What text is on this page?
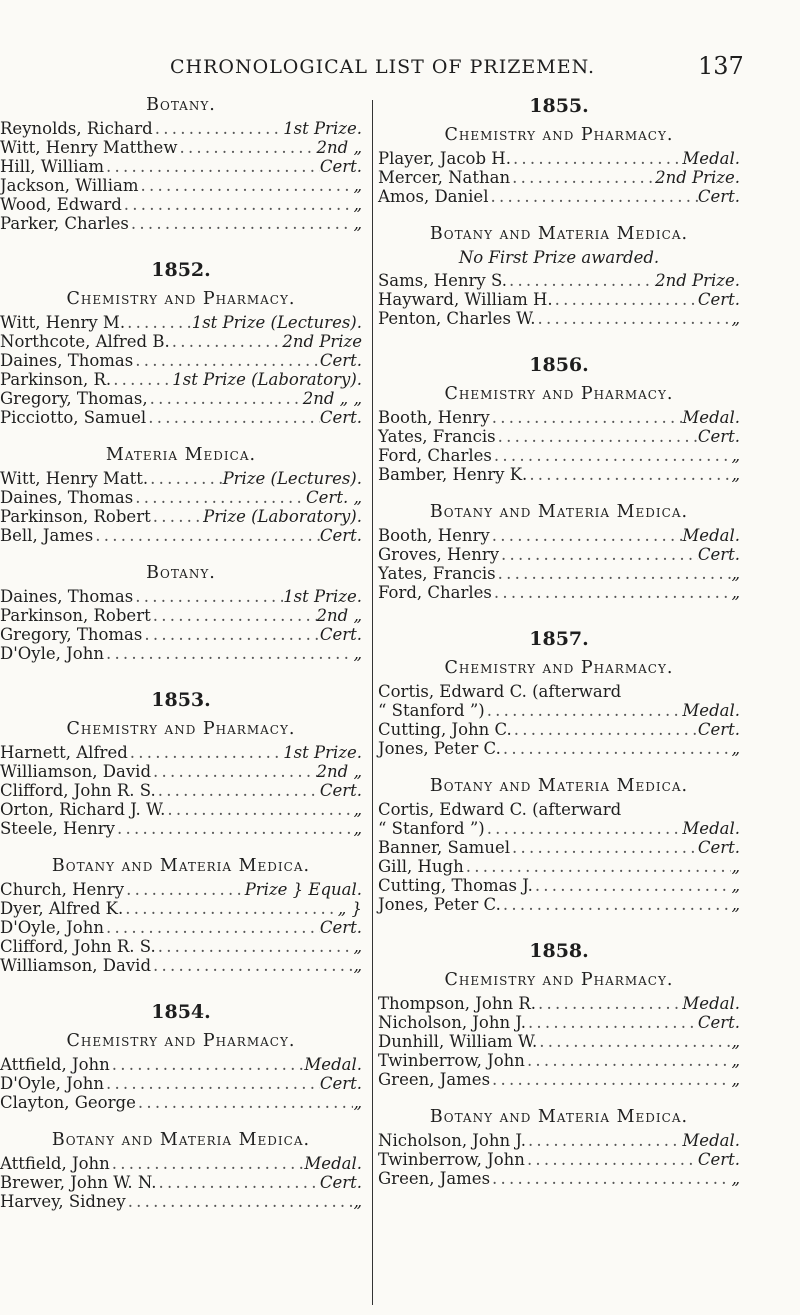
CHRONOLOGICAL LIST OF PRIZEMEN.	137
Botany.
Reynolds, Richard . . .	1st Prize.
Witt, Henry Matthew . . .	2nd „
Hill, William . . .	Cert.
Jackson, William . . .	„
Wood, Edward . . .	„
Parker, Charles . . .	„
1852.
Chemistry and Pharmacy.
Witt, Henry M. . . .	1st Prize (Lectures).
Northcote, Alfred B. . . .	2nd Prize
Daines, Thomas . . .	Cert.
Parkinson, R. . . .	1st Prize (Laboratory).
Gregory, Thomas, . . .	2nd „ „
Picciotto, Samuel . . .	Cert.
Materia Medica.
Witt, Henry Matt. . . .	Prize (Lectures).
Daines, Thomas . . .	Cert. „
Parkinson, Robert . . .	Prize (Laboratory).
Bell, James . . .	Cert.
Botany.
Daines, Thomas . . .	1st Prize.
Parkinson, Robert . . .	2nd „
Gregory, Thomas . . .	Cert.
D'Oyle, John . . .	„
1853.
Chemistry and Pharmacy.
Harnett, Alfred . . .	1st Prize.
Williamson, David . . .	2nd „
Clifford, John R. S. . . .	Cert.
Orton, Richard J. W. . . .	„
Steele, Henry . . .	„
Botany and Materia Medica.
Church, Henry . . .	Prize } Equal.
Dyer, Alfred K. . . .	„ }
D'Oyle, John . . .	Cert.
Clifford, John R. S. . . .	„
Williamson, David . . .	„
1854.
Chemistry and Pharmacy.
Attfield, John . . .	Medal.
D'Oyle, John . . .	Cert.
Clayton, George . . .	„
Botany and Materia Medica.
Attfield, John . . .	Medal.
Brewer, John W. N. . . .	Cert.
Harvey, Sidney . . .	„
1855.
Chemistry and Pharmacy.
Player, Jacob H. . . .	Medal.
Mercer, Nathan . . .	2nd Prize.
Amos, Daniel . . .	Cert.
Botany and Materia Medica.
No First Prize awarded.
Sams, Henry S. . . .	2nd Prize.
Hayward, William H. . . .	Cert.
Penton, Charles W. . . .	„
1856.
Chemistry and Pharmacy.
Booth, Henry . . .	Medal.
Yates, Francis . . .	Cert.
Ford, Charles . . .	„
Bamber, Henry K. . . .	„
Botany and Materia Medica.
Booth, Henry . . .	Medal.
Groves, Henry . . .	Cert.
Yates, Francis . . .	„
Ford, Charles . . .	„
1857.
Chemistry and Pharmacy.
Cortis, Edward C. (afterward
“ Stanford ”) . . .	Medal.
Cutting, John C. . . .	Cert.
Jones, Peter C. . . .	„
Botany and Materia Medica.
Cortis, Edward C. (afterward
“ Stanford ”) . . .	Medal.
Banner, Samuel . . .	Cert.
Gill, Hugh . . .	„
Cutting, Thomas J. . . .	„
Jones, Peter C. . . .	„
1858.
Chemistry and Pharmacy.
Thompson, John R. . . .	Medal.
Nicholson, John J. . . .	Cert.
Dunhill, William W. . . .	„
Twinberrow, John . . .	„
Green, James . . .	„
Botany and Materia Medica.
Nicholson, John J. . . .	Medal.
Twinberrow, John . . .	Cert.
Green, James . . .	„
